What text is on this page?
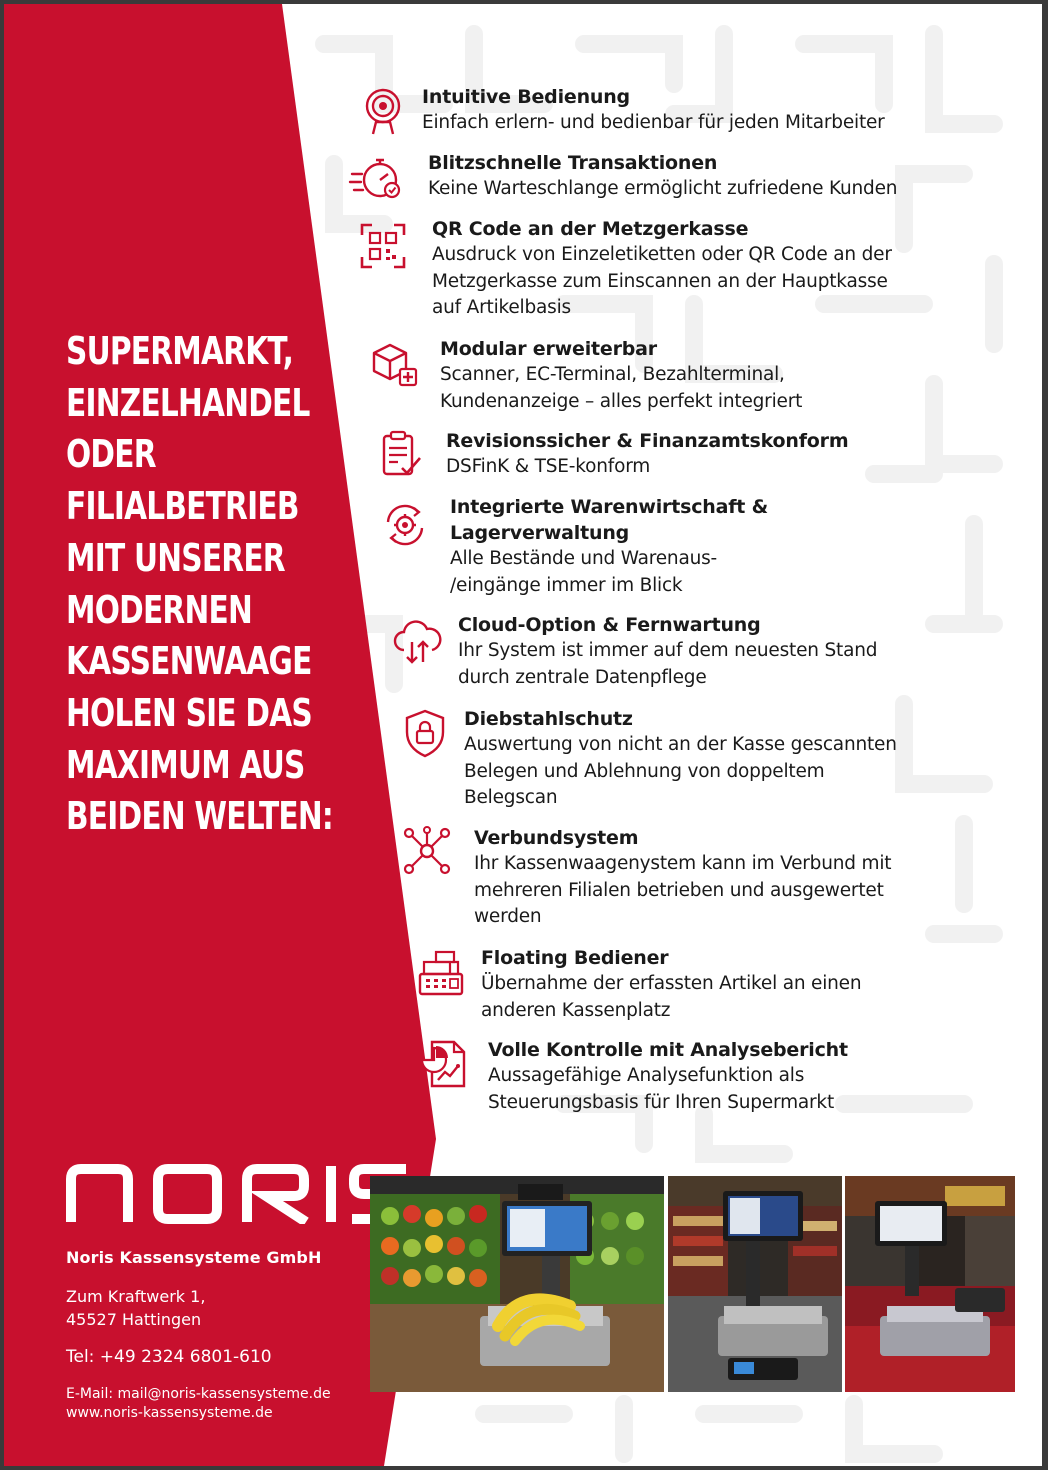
SUPERMARKT,
EINZELHANDEL
ODER
FILIALBETRIEB
MIT UNSERER
MODERNEN
KASSENWAAGE
HOLEN SIE DAS
MAXIMUM AUS
BEIDEN WELTEN:
Intuitive Bedienung
Einfach erlern- und bedienbar für jeden Mitarbeiter
Blitzschnelle Transaktionen
Keine Warteschlange ermöglicht zufriedene Kunden
QR Code an der Metzgerkasse
Ausdruck von Einzeletiketten oder QR Code an der
Metzgerkasse zum Einscannen an der Hauptkasse
auf Artikelbasis
Modular erweiterbar
Scanner, EC-Terminal, Bezahlterminal,
Kundenanzeige – alles perfekt integriert
Revisionssicher & Finanzamtskonform
DSFinK & TSE-konform
Integrierte Warenwirtschaft &
Lagerverwaltung
Alle Bestände und Warenaus-
/eingänge immer im Blick
Cloud-Option & Fernwartung
Ihr System ist immer auf dem neuesten Stand
durch zentrale Datenpflege
Diebstahlschutz
Auswertung von nicht an der Kasse gescannten
Belegen und Ablehnung von doppeltem
Belegscan
Verbundsystem
Ihr Kassenwaagenystem kann im Verbund mit
mehreren Filialen betrieben und ausgewertet
werden
Floating Bediener
Übernahme der erfassten Artikel an einen
anderen Kassenplatz
Volle Kontrolle mit Analysebericht
Aussagefähige Analysefunktion als
Steuerungsbasis für Ihren Supermarkt
Noris Kassensysteme GmbH
Zum Kraftwerk 1,
45527 Hattingen
Tel: +49 2324 6801-610
E-Mail: mail@noris-kassensysteme.de
www.noris-kassensysteme.de
